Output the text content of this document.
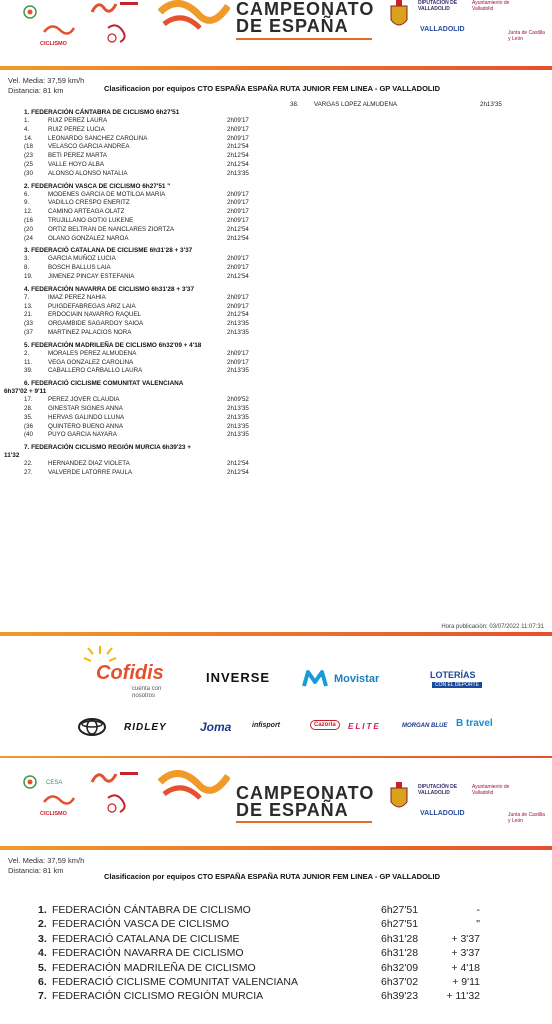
CICLISMO
CAMPEONATO
DE ESPAÑA
DIPUTACIÓN DE VALLADOLID
Ayuntamiento de Valladolid
VALLADOLID	Junta de Castilla y León
Vel. Media: 37,59 km/h
Distancia: 81 km	Clasificacion por equipos CTO ESPAÑA ESPAÑA RUTA JUNIOR FEM LINEA - GP VALLADOLID
1. FEDERACIÓN CÁNTABRA DE CICLISMO 6h27'51
1.	RUIZ PEREZ LAURA	2h09'17
4.	RUIZ PEREZ LUCIA	2h09'17
14.	LEONARDO SANCHEZ CAROLINA	2h09'17
(18	VELASCO GARCIA ANDREA	2h12'54
(23	BETI PEREZ MARTA	2h12'54
(25	VALLE HOYO ALBA	2h12'54
(30	ALONSO ALONSO NATALIA	2h13'35
2. FEDERACIÓN VASCA DE CICLISMO 6h27'51 "
6.	MODENES GARCIA DE MOTILOA MARIA	2h09'17
9.	VADILLO CRESPO ENERITZ	2h09'17
12.	CAMINO ARTEAGA OLATZ	2h09'17
(16	TRUJILLANO GOTXI LUKENE	2h09'17
(20	ORTIZ BELTRAN DE NANCLARES ZIORTZA	2h12'54
(24	OLANO GONZALEZ NAROA	2h12'54
3. FEDERACIÓ CATALANA DE CICLISME 6h31'28 + 3'37
3.	GARCIA MUÑOZ LUCIA	2h09'17
8.	BOSCH BALLUS LAIA	2h09'17
19.	JIMENEZ PINCAY ESTEFANIA	2h12'54
4. FEDERACIÓN NAVARRA DE CICLISMO 6h31'28 + 3'37
7.	IMAZ PEREZ NAHIA	2h09'17
13.	PUIGDEFABREGAS ARIZ LAIA	2h09'17
21.	ERDOCIAIN NAVARRO RAQUEL	2h12'54
(33	ORGAMBIDE SAGARDOY SAIOA	2h13'35
(37	MARTINEZ PALACIOS NORA	2h13'35
5. FEDERACIÓN MADRILEÑA DE CICLISMO 6h32'09 + 4'18
2.	MORALES PEREZ ALMUDENA	2h09'17
11.	VEGA GONZALEZ CAROLINA	2h09'17
39.	CABALLERO CARBALLO LAURA	2h13'35
6. FEDERACIÓ CICLISME COMUNITAT VALENCIANA
6h37'02 + 9'11
17.	PEREZ JOVER CLAUDIA	2h09'52
28.	GINESTAR SIGNES ANNA	2h13'35
35.	HERVAS GALINDO LLUNA	2h13'35
(36	QUINTERO BUENO ANNA	2h13'35
(40	PUYO GARCIA NAYARA	2h13'35
7. FEDERACIÓN CICLISMO REGIÓN MURCIA 6h39'23 +
11'32
22.	HERNANDEZ DIAZ VIOLETA	2h12'54
27.	VALVERDE LATORRE PAULA	2h12'54
38.	VARGAS LOPEZ ALMUDENA	2h13'35
Hora publicación: 03/07/2022 11:07:31
Cofidis
cuenta con nosotros
INVERSE	Movistar	LOTERÍAS
CON EL DEPORTE
RIDLEY	Joma	infisport	Cazorla	ELITE	MORGAN BLUE B travel
CESA
CICLISMO
CAMPEONATO
DE ESPAÑA
DIPUTACIÓN DE VALLADOLID
Ayuntamiento de Valladolid
VALLADOLID	Junta de Castilla y León
Vel. Media: 37,59 km/h
Distancia: 81 km
Clasificacion por equipos CTO ESPAÑA ESPAÑA RUTA JUNIOR FEM LINEA - GP VALLADOLID
1. FEDERACIÓN CÁNTABRA DE CICLISMO	6h27'51	-
2. FEDERACIÓN VASCA DE CICLISMO	6h27'51	"
3. FEDERACIÓ CATALANA DE CICLISME	6h31'28	+ 3'37
4. FEDERACIÓN NAVARRA DE CICLISMO	6h31'28	+ 3'37
5. FEDERACIÓN MADRILEÑA DE CICLISMO	6h32'09	+ 4'18
6. FEDERACIÓ CICLISME COMUNITAT VALENCIANA	6h37'02	+ 9'11
7. FEDERACIÓN CICLISMO REGIÓN MURCIA	6h39'23	+ 11'32
